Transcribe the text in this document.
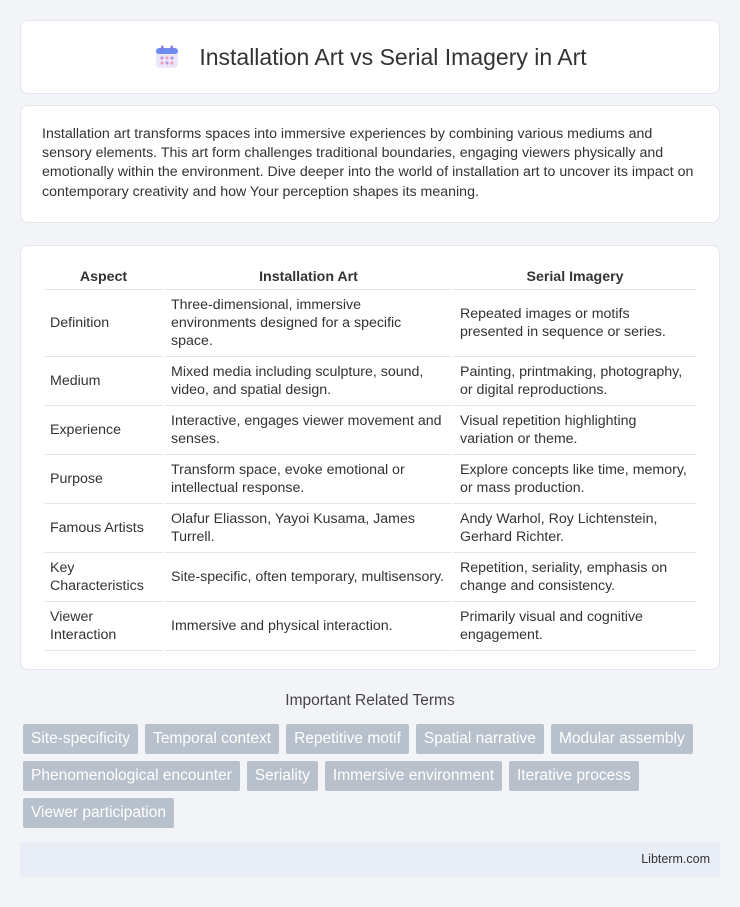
Installation Art vs Serial Imagery in Art

Installation art transforms spaces into immersive experiences by combining various mediums and sensory elements. This art form challenges traditional boundaries, engaging viewers physically and emotionally within the environment. Dive deeper into the world of installation art to uncover its impact on contemporary creativity and how Your perception shapes its meaning.

Aspect	Installation Art	Serial Imagery
Definition	Three-dimensional, immersive environments designed for a specific space.	Repeated images or motifs presented in sequence or series.
Medium	Mixed media including sculpture, sound, video, and spatial design.	Painting, printmaking, photography, or digital reproductions.
Experience	Interactive, engages viewer movement and senses.	Visual repetition highlighting variation or theme.
Purpose	Transform space, evoke emotional or intellectual response.	Explore concepts like time, memory, or mass production.
Famous Artists	Olafur Eliasson, Yayoi Kusama, James Turrell.	Andy Warhol, Roy Lichtenstein, Gerhard Richter.
Key Characteristics	Site-specific, often temporary, multisensory.	Repetition, seriality, emphasis on change and consistency.
Viewer Interaction	Immersive and physical interaction.	Primarily visual and cognitive engagement.
Important Related Terms
Site-specificity	Temporal context	Repetitive motif	Spatial narrative	Modular assembly
Phenomenological encounter	Seriality	Immersive environment	Iterative process
Viewer participation
Libterm.com
